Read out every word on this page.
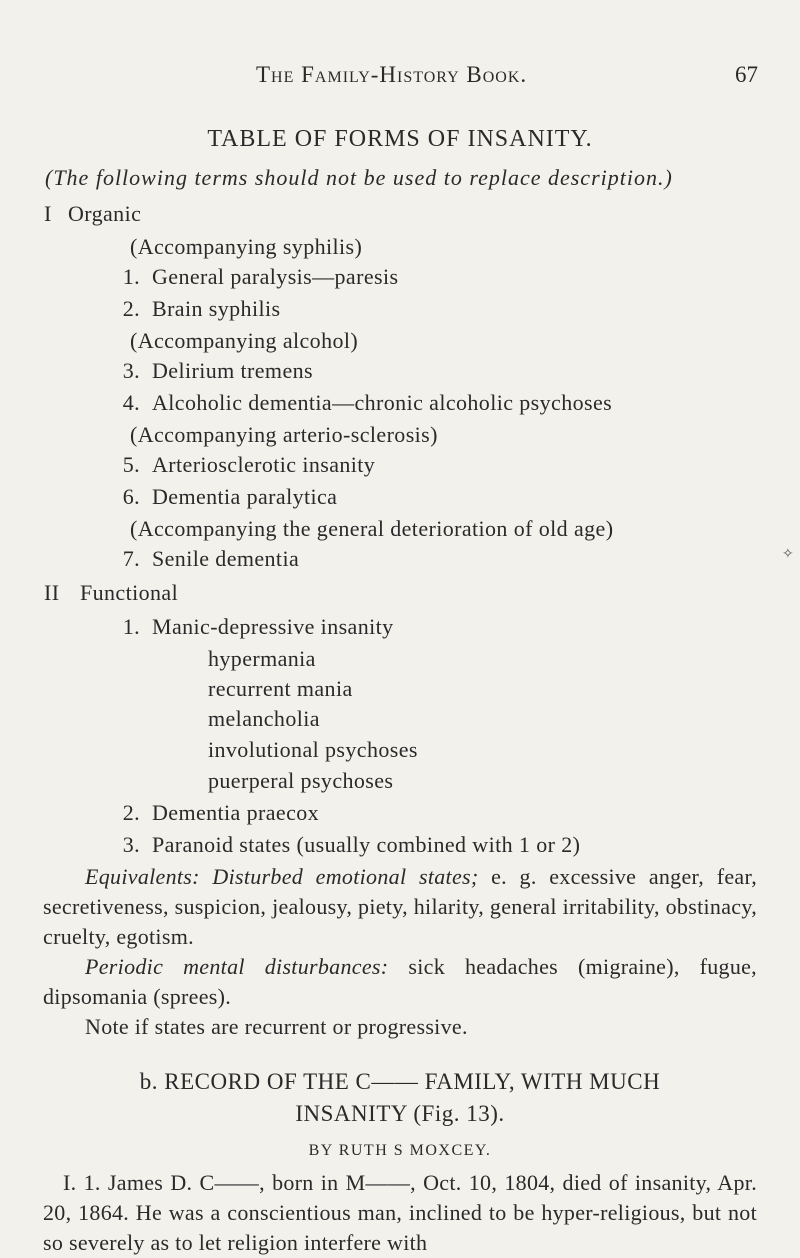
The Family-History Book.	67
TABLE OF FORMS OF INSANITY.
(The following terms should not be used to replace description.)
I Organic
(Accompanying syphilis)
1. General paralysis—paresis
2. Brain syphilis
(Accompanying alcohol)
3. Delirium tremens
4. Alcoholic dementia—chronic alcoholic psychoses
(Accompanying arterio-sclerosis)
5. Arteriosclerotic insanity
6. Dementia paralytica
(Accompanying the general deterioration of old age)
7. Senile dementia
II Functional
1. Manic-depressive insanity
hypermania
recurrent mania
melancholia
involutional psychoses
puerperal psychoses
2. Dementia praecox
3. Paranoid states (usually combined with 1 or 2)

Equivalents: Disturbed emotional states; e. g. excessive anger, fear, secretiveness, suspicion, jealousy, piety, hilarity, general irritability, obstinacy, cruelty, egotism.

Periodic mental disturbances: sick headaches (migraine), fugue, dipsomania (sprees).

Note if states are recurrent or progressive.

b. RECORD OF THE C—— FAMILY, WITH MUCH
INSANITY (Fig. 13).
BY RUTH S MOXCEY.

I. 1. James D. C——, born in M——, Oct. 10, 1804, died of insanity, Apr. 20, 1864. He was a conscientious man, inclined to be hyper-religious, but not so severely as to let religion interfere with

✧
